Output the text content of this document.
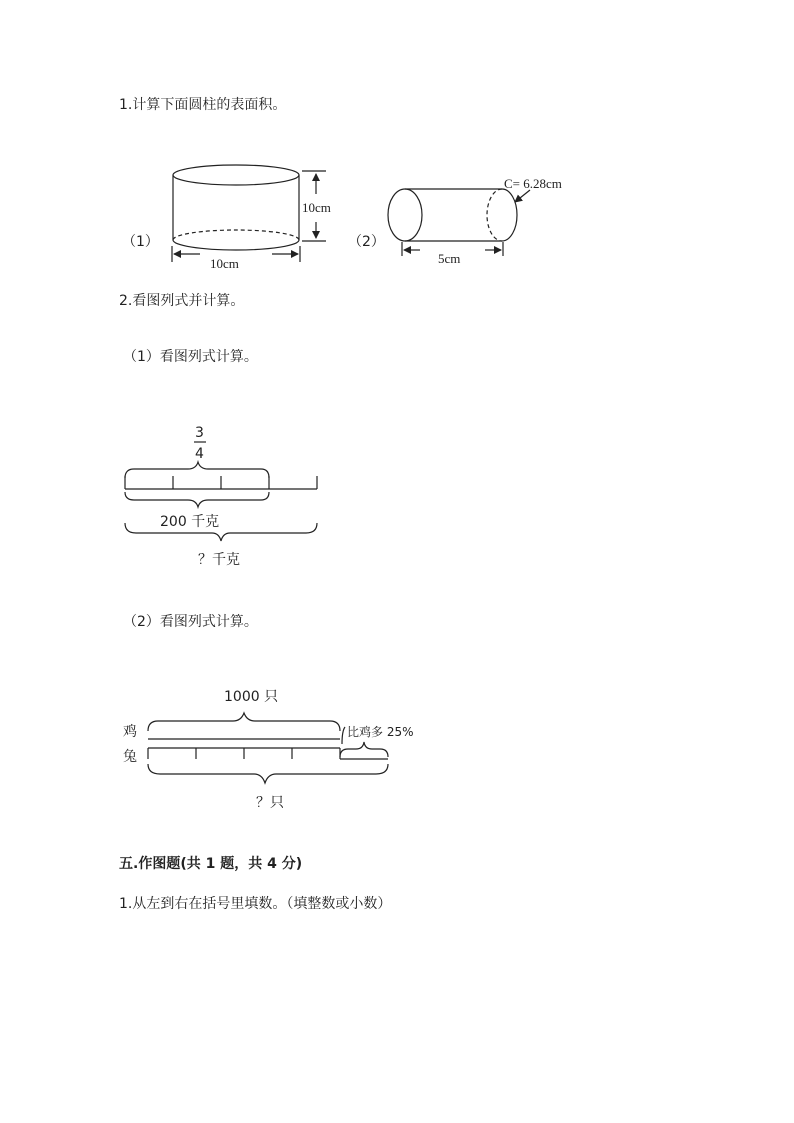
1.计算下面圆柱的表面积。
（1）
10cm
10cm
（2）
C= 6.28cm
5cm
2.看图列式并计算。
（1）看图列式计算。
3
4
200 千克
？千克
（2）看图列式计算。
1000 只
鸡
兔
比鸡多 25%
？只
五.作图题(共 1 题，共 4 分)
1.从左到右在括号里填数。（填整数或小数）
